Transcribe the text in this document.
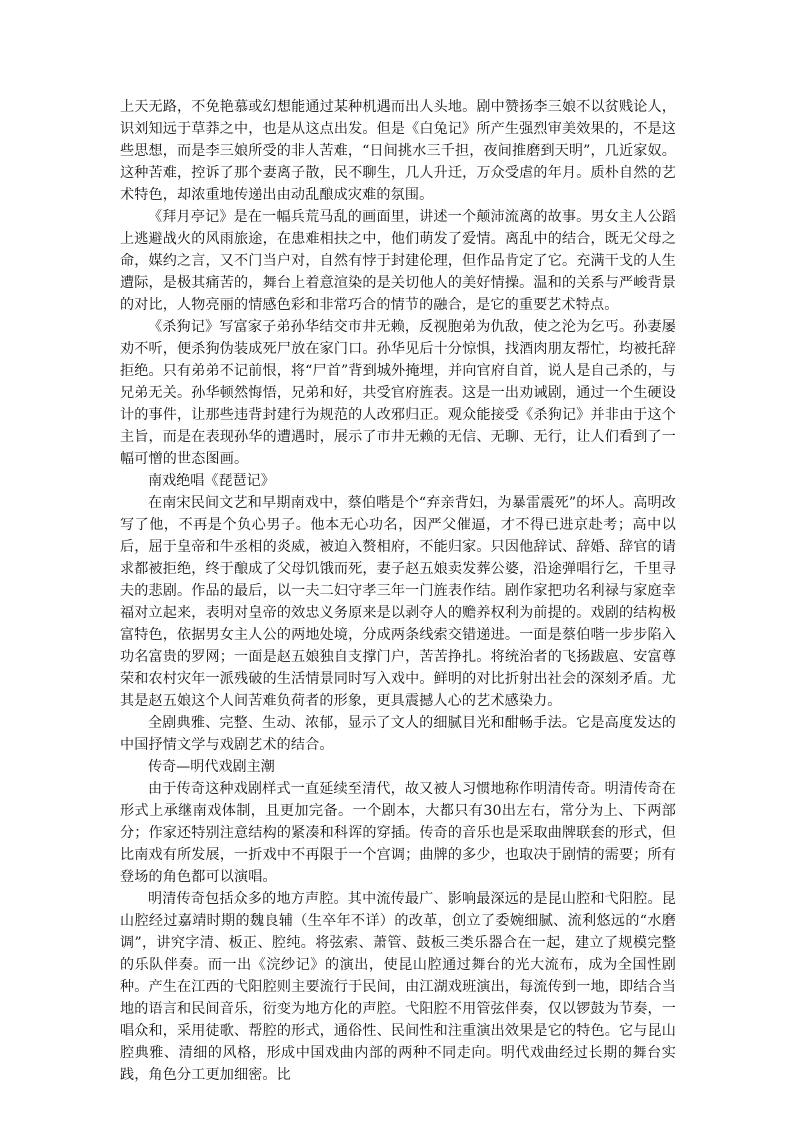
上天无路，不免艳慕或幻想能通过某种机遇而出人头地。剧中赞扬李三娘不以贫贱论人，识刘知远于草莽之中，也是从这点出发。但是《白兔记》所产生强烈审美效果的，不是这些思想，而是李三娘所受的非人苦难，“日间挑水三千担，夜间推磨到天明”，几近家奴。这种苦难，控诉了那个妻离子散，民不聊生，几人升迁，万众受虐的年月。质朴自然的艺术特色，却浓重地传递出由动乱酿成灾难的氛围。

《拜月亭记》是在一幅兵荒马乱的画面里，讲述一个颠沛流离的故事。男女主人公蹈上逃避战火的风雨旅途，在患难相扶之中，他们萌发了爱情。离乱中的结合，既无父母之命，媒约之言，又不门当户对，自然有悖于封建伦理，但作品肯定了它。充满干戈的人生遭际，是极其痛苦的，舞台上着意渲染的是关切他人的美好情操。温和的关系与严峻背景的对比，人物亮丽的情感色彩和非常巧合的情节的融合，是它的重要艺术特点。

《杀狗记》写富家子弟孙华结交市井无赖，反视胞弟为仇敌，使之沦为乞丐。孙妻屡劝不听，便杀狗伪装成死尸放在家门口。孙华见后十分惊惧，找酒肉朋友帮忙，均被托辞拒绝。只有弟弟不记前恨，将“尸首”背到城外掩埋，并向官府自首，说人是自己杀的，与兄弟无关。孙华顿然悔悟，兄弟和好，共受官府旌表。这是一出劝诫剧，通过一个生硬设计的事件，让那些违背封建行为规范的人改邪归正。观众能接受《杀狗记》并非由于这个主旨，而是在表现孙华的遭遇时，展示了市井无赖的无信、无聊、无行，让人们看到了一幅可憎的世态图画。

南戏绝唱《琵琶记》

在南宋民间文艺和早期南戏中，蔡伯喈是个“弃亲背妇，为暴雷震死”的坏人。高明改写了他，不再是个负心男子。他本无心功名，因严父催逼，才不得已进京赴考；高中以后，屈于皇帝和牛丞相的炎威，被迫入赘相府，不能归家。只因他辞试、辞婚、辞官的请求都被拒绝，终于酿成了父母饥饿而死，妻子赵五娘卖发葬公婆，沿途弹唱行乞，千里寻夫的悲剧。作品的最后，以一夫二妇守孝三年一门旌表作结。剧作家把功名利禄与家庭幸福对立起来，表明对皇帝的效忠义务原来是以剥夺人的赡养权利为前提的。戏剧的结构极富特色，依据男女主人公的两地处境，分成两条线索交错递进。一面是蔡伯喈一步步陷入功名富贵的罗网；一面是赵五娘独自支撑门户，苦苦挣扎。将统治者的飞扬跋扈、安富尊荣和农村灾年一派残破的生活情景同时写入戏中。鲜明的对比折射出社会的深刻矛盾。尤其是赵五娘这个人间苦难负荷者的形象，更具震撼人心的艺术感染力。

全剧典雅、完整、生动、浓郁，显示了文人的细腻目光和酣畅手法。它是高度发达的中国抒情文学与戏剧艺术的结合。

传奇—明代戏剧主潮

由于传奇这种戏剧样式一直延续至清代，故又被人习惯地称作明清传奇。明清传奇在形式上承继南戏体制，且更加完备。一个剧本，大都只有30出左右，常分为上、下两部分；作家还特别注意结构的紧凑和科诨的穿插。传奇的音乐也是采取曲牌联套的形式，但比南戏有所发展，一折戏中不再限于一个宫调；曲牌的多少，也取决于剧情的需要；所有登场的角色都可以演唱。

明清传奇包括众多的地方声腔。其中流传最广、影响最深远的是昆山腔和弋阳腔。昆山腔经过嘉靖时期的魏良辅（生卒年不详）的改革，创立了委婉细腻、流利悠远的“水磨调”，讲究字清、板正、腔纯。将弦索、萧管、鼓板三类乐器合在一起，建立了规模完整的乐队伴奏。而一出《浣纱记》的演出，使昆山腔通过舞台的光大流布，成为全国性剧种。产生在江西的弋阳腔则主要流行于民间，由江湖戏班演出，每流传到一地，即结合当地的语言和民间音乐，衍变为地方化的声腔。弋阳腔不用管弦伴奏，仅以锣鼓为节奏，一唱众和，采用徒歌、帮腔的形式，通俗性、民间性和注重演出效果是它的特色。它与昆山腔典雅、清细的风格，形成中国戏曲内部的两种不同走向。明代戏曲经过长期的舞台实践，角色分工更加细密。比
